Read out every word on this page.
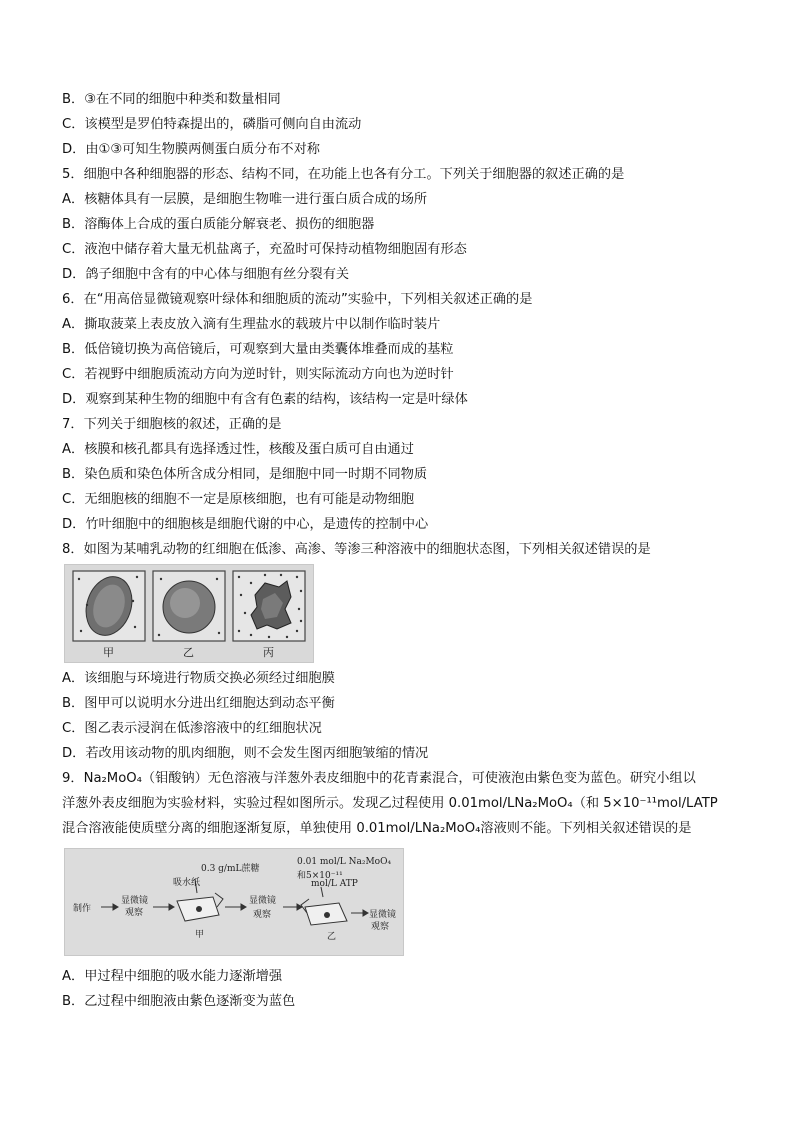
B．③在不同的细胞中种类和数量相同
C．该模型是罗伯特森提出的，磷脂可侧向自由流动
D．由①③可知生物膜两侧蛋白质分布不对称
5．细胞中各种细胞器的形态、结构不同，在功能上也各有分工。下列关于细胞器的叙述正确的是
A．核糖体具有一层膜，是细胞生物唯一进行蛋白质合成的场所
B．溶酶体上合成的蛋白质能分解衰老、损伤的细胞器
C．液泡中储存着大量无机盐离子，充盈时可保持动植物细胞固有形态
D．鸽子细胞中含有的中心体与细胞有丝分裂有关
6．在“用高倍显微镜观察叶绿体和细胞质的流动”实验中，下列相关叙述正确的是
A．撕取菠菜上表皮放入滴有生理盐水的载玻片中以制作临时装片
B．低倍镜切换为高倍镜后，可观察到大量由类囊体堆叠而成的基粒
C．若视野中细胞质流动方向为逆时针，则实际流动方向也为逆时针
D．观察到某种生物的细胞中有含有色素的结构，该结构一定是叶绿体
7．下列关于细胞核的叙述，正确的是
A．核膜和核孔都具有选择透过性，核酸及蛋白质可自由通过
B．染色质和染色体所含成分相同，是细胞中同一时期不同物质
C．无细胞核的细胞不一定是原核细胞，也有可能是动物细胞
D．竹叶细胞中的细胞核是细胞代谢的中心，是遗传的控制中心
8．如图为某哺乳动物的红细胞在低渗、高渗、等渗三种溶液中的细胞状态图，下列相关叙述错误的是
甲	乙	丙
A．该细胞与环境进行物质交换必须经过细胞膜
B．图甲可以说明水分进出红细胞达到动态平衡
C．图乙表示浸润在低渗溶液中的红细胞状况
D．若改用该动物的肌肉细胞，则不会发生图丙细胞皱缩的情况
9．Na₂MoO₄（钼酸钠）无色溶液与洋葱外表皮细胞中的花青素混合，可使液泡由紫色变为蓝色。研究小组以
洋葱外表皮细胞为实验材料，实验过程如图所示。发现乙过程使用 0.01mol/LNa₂MoO₄（和 5×10⁻¹¹mol/LATP
混合溶液能使质壁分离的细胞逐渐复原，单独使用 0.01mol/LNa₂MoO₄溶液则不能。下列相关叙述错误的是
制作
显微镜
观察
0.3 g/mL蔗糖
吸水纸
甲
显微镜
观察
0.01 mol/L Na₂MoO₄
和5×10⁻¹¹
mol/L ATP
乙
显微镜
观察
A．甲过程中细胞的吸水能力逐渐增强
B．乙过程中细胞液由紫色逐渐变为蓝色
